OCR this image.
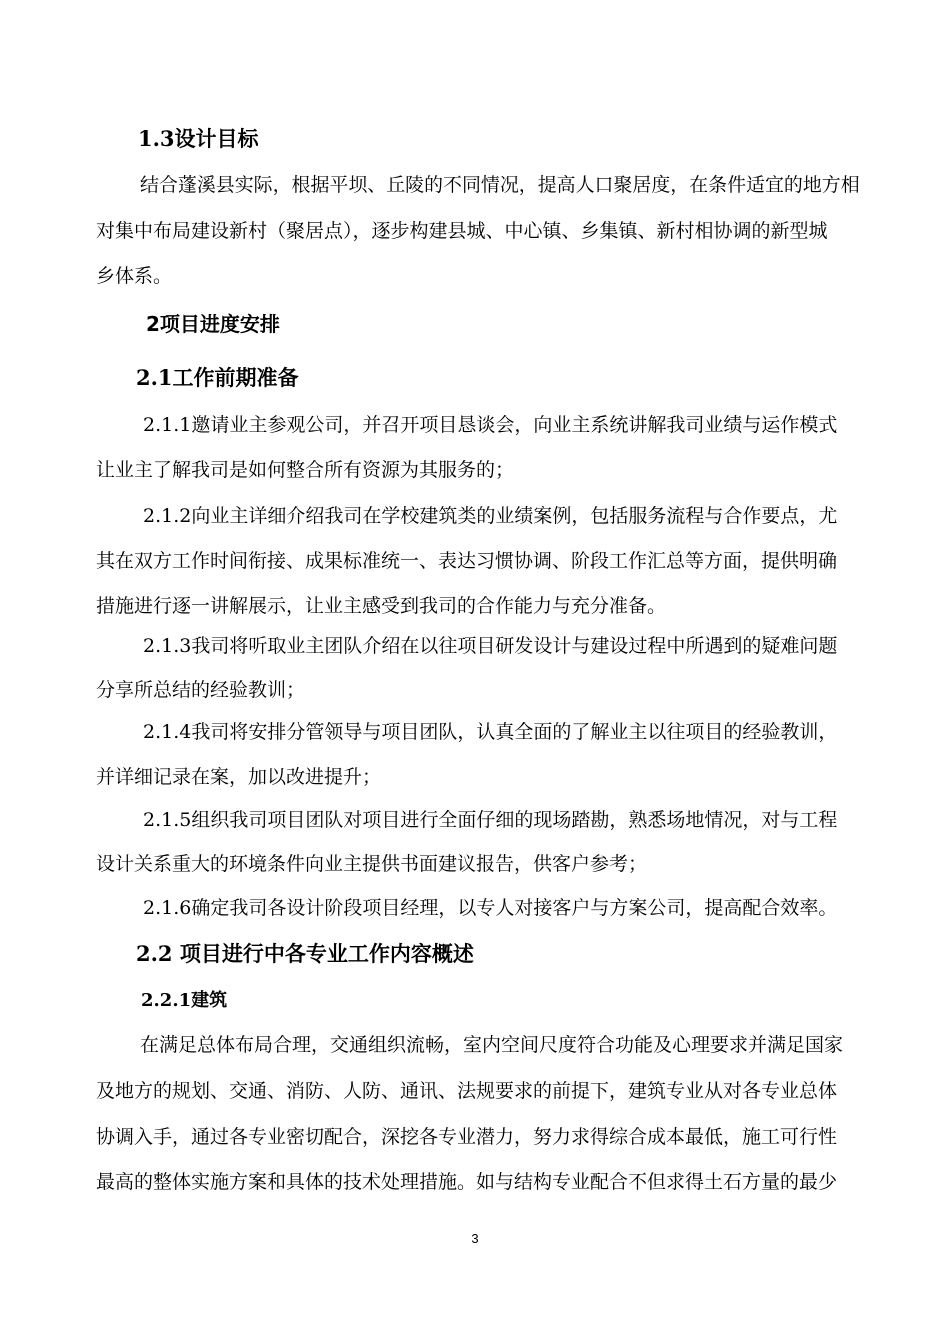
1.3设计目标
结合蓬溪县实际，根据平坝、丘陵的不同情况，提高人口聚居度，在条件适宜的地方相
对集中布局建设新村（聚居点），逐步构建县城、中心镇、乡集镇、新村相协调的新型城
乡体系。
2项目进度安排
2.1工作前期准备
2.1.1邀请业主参观公司，并召开项目恳谈会，向业主系统讲解我司业绩与运作模式
让业主了解我司是如何整合所有资源为其服务的；
2.1.2向业主详细介绍我司在学校建筑类的业绩案例，包括服务流程与合作要点，尤
其在双方工作时间衔接、成果标准统一、表达习惯协调、阶段工作汇总等方面，提供明确
措施进行逐一讲解展示，让业主感受到我司的合作能力与充分准备。
2.1.3我司将听取业主团队介绍在以往项目研发设计与建设过程中所遇到的疑难问题
分享所总结的经验教训；
2.1.4我司将安排分管领导与项目团队，认真全面的了解业主以往项目的经验教训，
并详细记录在案，加以改进提升；
2.1.5组织我司项目团队对项目进行全面仔细的现场踏勘，熟悉场地情况，对与工程
设计关系重大的环境条件向业主提供书面建议报告，供客户参考；
2.1.6确定我司各设计阶段项目经理，以专人对接客户与方案公司，提高配合效率。
2.2 项目进行中各专业工作内容概述
2.2.1建筑
在满足总体布局合理，交通组织流畅，室内空间尺度符合功能及心理要求并满足国家
及地方的规划、交通、消防、人防、通讯、法规要求的前提下，建筑专业从对各专业总体
协调入手，通过各专业密切配合，深挖各专业潜力，努力求得综合成本最低，施工可行性
最高的整体实施方案和具体的技术处理措施。如与结构专业配合不但求得土石方量的最少
3
